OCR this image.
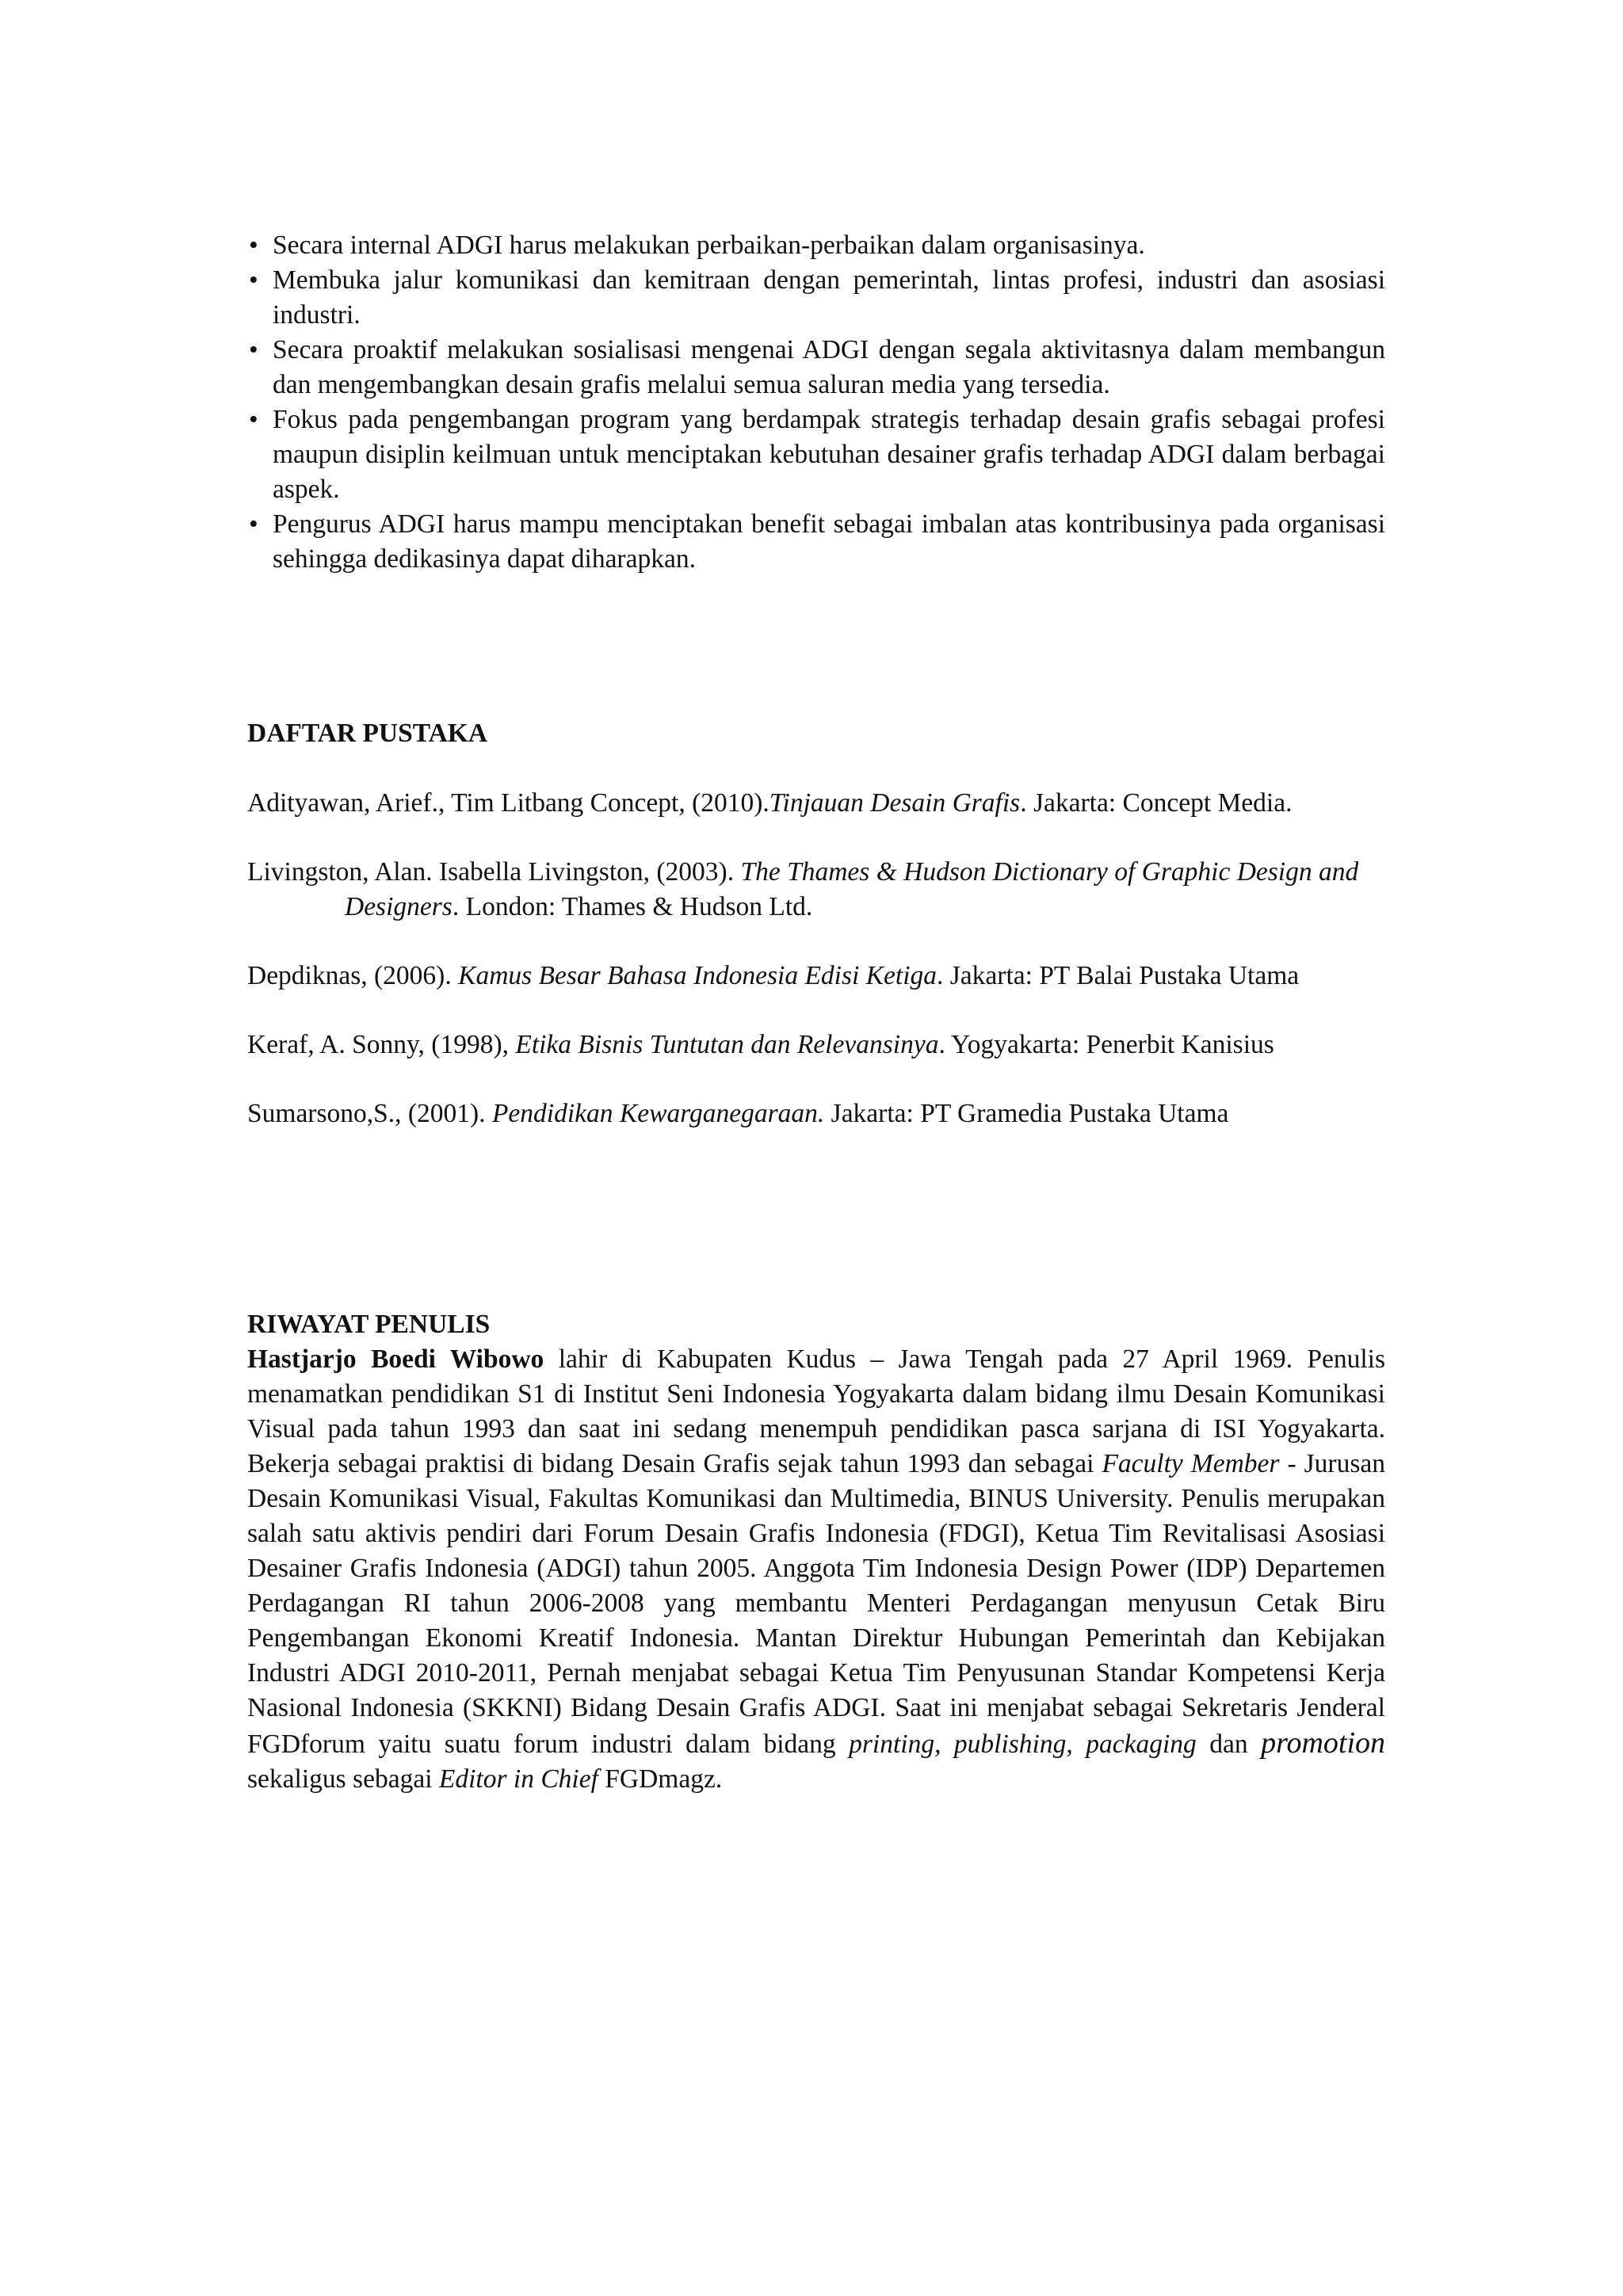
• Secara internal ADGI harus melakukan perbaikan-perbaikan dalam organisasinya.
• Membuka jalur komunikasi dan kemitraan dengan pemerintah, lintas profesi, industri dan asosiasi industri.
• Secara proaktif melakukan sosialisasi mengenai ADGI dengan segala aktivitasnya dalam membangun dan mengembangkan desain grafis melalui semua saluran media yang tersedia.
• Fokus pada pengembangan program yang berdampak strategis terhadap desain grafis sebagai profesi maupun disiplin keilmuan untuk menciptakan kebutuhan desainer grafis terhadap ADGI dalam berbagai aspek.
• Pengurus ADGI harus mampu menciptakan benefit sebagai imbalan atas kontribusinya pada organisasi sehingga dedikasinya dapat diharapkan.
DAFTAR PUSTAKA

Adityawan, Arief., Tim Litbang Concept, (2010).Tinjauan Desain Grafis. Jakarta: Concept Media.

Livingston, Alan. Isabella Livingston, (2003). The Thames & Hudson Dictionary of Graphic Design and Designers. London: Thames & Hudson Ltd.

Depdiknas, (2006). Kamus Besar Bahasa Indonesia Edisi Ketiga. Jakarta: PT Balai Pustaka Utama

Keraf, A. Sonny, (1998), Etika Bisnis Tuntutan dan Relevansinya. Yogyakarta: Penerbit Kanisius

Sumarsono,S., (2001). Pendidikan Kewarganegaraan. Jakarta: PT Gramedia Pustaka Utama

RIWAYAT PENULIS

Hastjarjo Boedi Wibowo lahir di Kabupaten Kudus – Jawa Tengah pada 27 April 1969. Penulis menamatkan pendidikan S1 di Institut Seni Indonesia Yogyakarta dalam bidang ilmu Desain Komunikasi Visual pada tahun 1993 dan saat ini sedang menempuh pendidikan pasca sarjana di ISI Yogyakarta. Bekerja sebagai praktisi di bidang Desain Grafis sejak tahun 1993 dan sebagai Faculty Member - Jurusan Desain Komunikasi Visual, Fakultas Komunikasi dan Multimedia, BINUS University. Penulis merupakan salah satu aktivis pendiri dari Forum Desain Grafis Indonesia (FDGI), Ketua Tim Revitalisasi Asosiasi Desainer Grafis Indonesia (ADGI) tahun 2005. Anggota Tim Indonesia Design Power (IDP) Departemen Perdagangan RI tahun 2006-2008 yang membantu Menteri Perdagangan menyusun Cetak Biru Pengembangan Ekonomi Kreatif Indonesia. Mantan Direktur Hubungan Pemerintah dan Kebijakan Industri ADGI 2010-2011, Pernah menjabat sebagai Ketua Tim Penyusunan Standar Kompetensi Kerja Nasional Indonesia (SKKNI) Bidang Desain Grafis ADGI. Saat ini menjabat sebagai Sekretaris Jenderal FGDforum yaitu suatu forum industri dalam bidang printing, publishing, packaging dan promotion sekaligus sebagai Editor in Chief FGDmagz.
